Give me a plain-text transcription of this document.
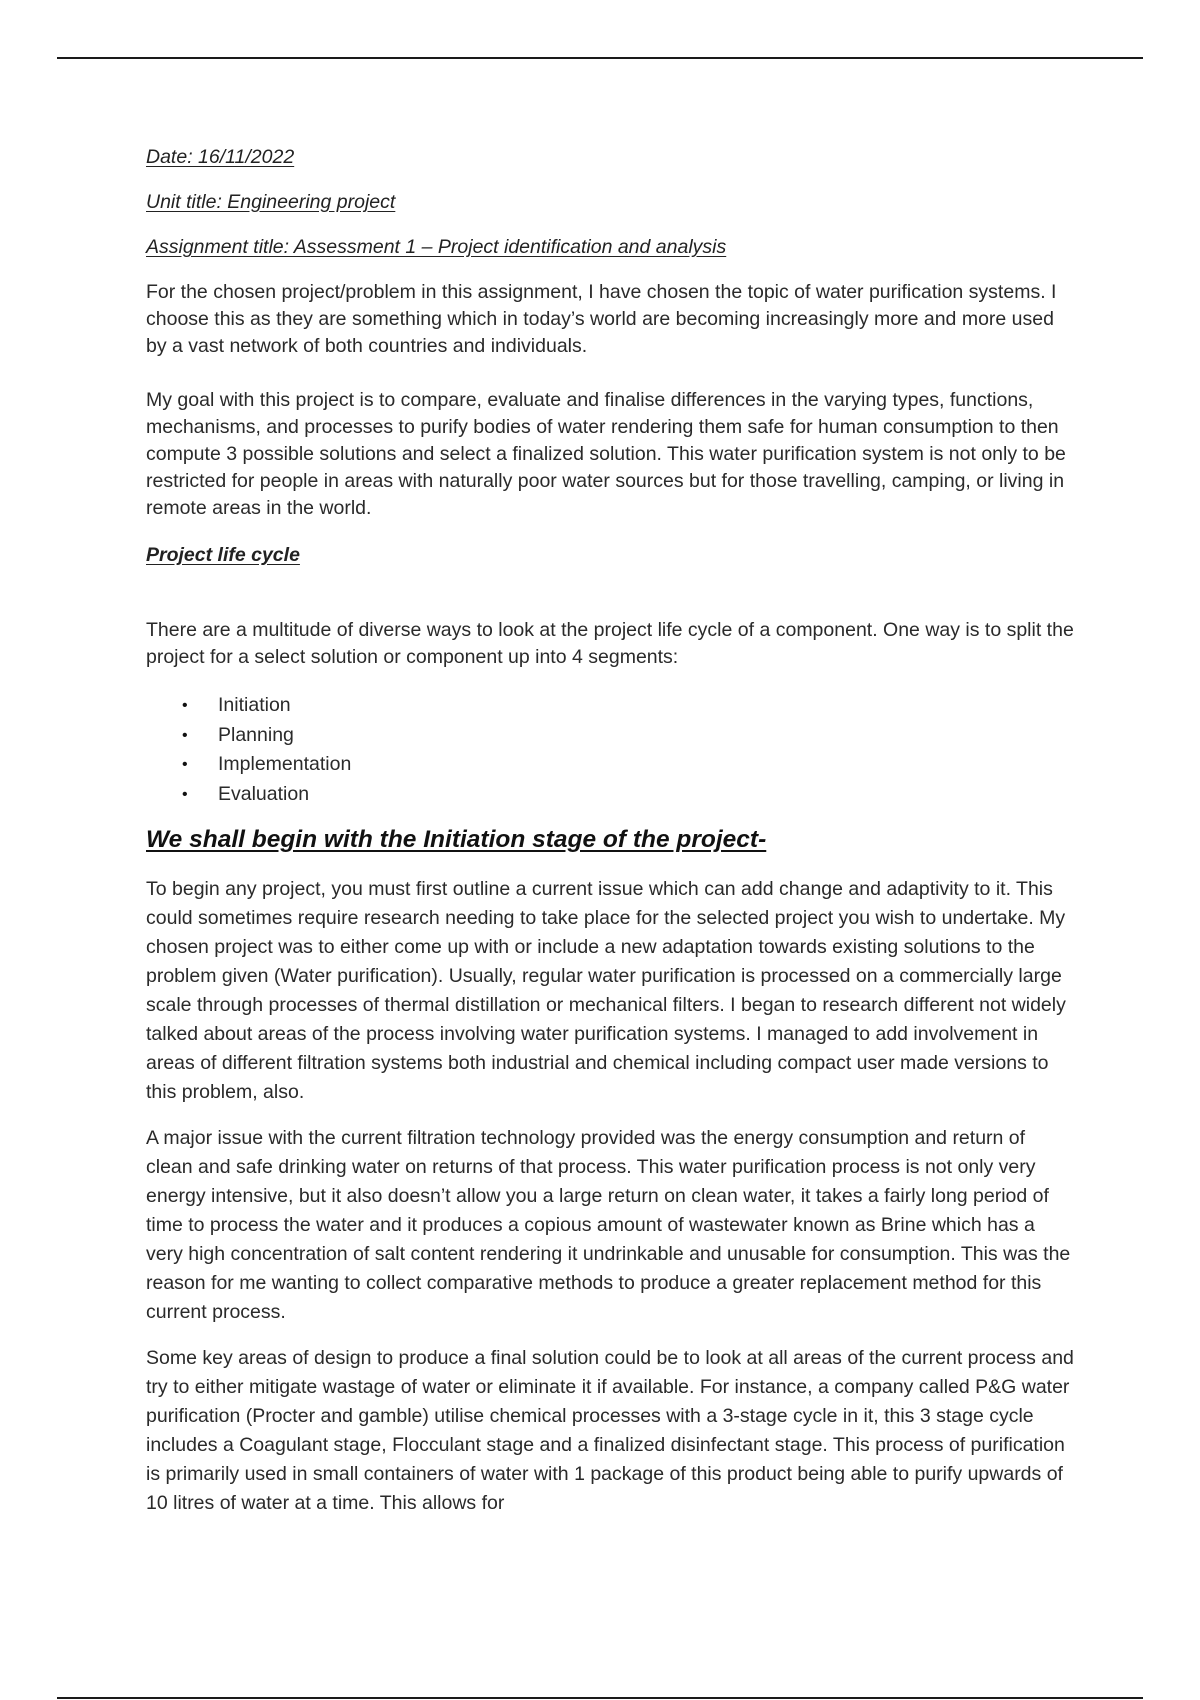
Date: 16/11/2022

Unit title: Engineering project

Assignment title: Assessment 1 – Project identification and analysis

For the chosen project/problem in this assignment, I have chosen the topic of water purification systems. I choose this as they are something which in today’s world are becoming increasingly more and more used by a vast network of both countries and individuals.

My goal with this project is to compare, evaluate and finalise differences in the varying types, functions, mechanisms, and processes to purify bodies of water rendering them safe for human consumption to then compute 3 possible solutions and select a finalized solution. This water purification system is not only to be restricted for people in areas with naturally poor water sources but for those travelling, camping, or living in remote areas in the world.

Project life cycle

There are a multitude of diverse ways to look at the project life cycle of a component. One way is to split the project for a select solution or component up into 4 segments:

• Initiation
• Planning
• Implementation
• Evaluation

We shall begin with the Initiation stage of the project-

To begin any project, you must first outline a current issue which can add change and adaptivity to it. This could sometimes require research needing to take place for the selected project you wish to undertake. My chosen project was to either come up with or include a new adaptation towards existing solutions to the problem given (Water purification). Usually, regular water purification is processed on a commercially large scale through processes of thermal distillation or mechanical filters. I began to research different not widely talked about areas of the process involving water purification systems. I managed to add involvement in areas of different filtration systems both industrial and chemical including compact user made versions to this problem, also.

A major issue with the current filtration technology provided was the energy consumption and return of clean and safe drinking water on returns of that process. This water purification process is not only very energy intensive, but it also doesn’t allow you a large return on clean water, it takes a fairly long period of time to process the water and it produces a copious amount of wastewater known as Brine which has a very high concentration of salt content rendering it undrinkable and unusable for consumption. This was the reason for me wanting to collect comparative methods to produce a greater replacement method for this current process.

Some key areas of design to produce a final solution could be to look at all areas of the current process and try to either mitigate wastage of water or eliminate it if available. For instance, a company called P&G water purification (Procter and gamble) utilise chemical processes with a 3-stage cycle in it, this 3 stage cycle includes a Coagulant stage, Flocculant stage and a finalized disinfectant stage. This process of purification is primarily used in small containers of water with 1 package of this product being able to purify upwards of 10 litres of water at a time. This allows for
